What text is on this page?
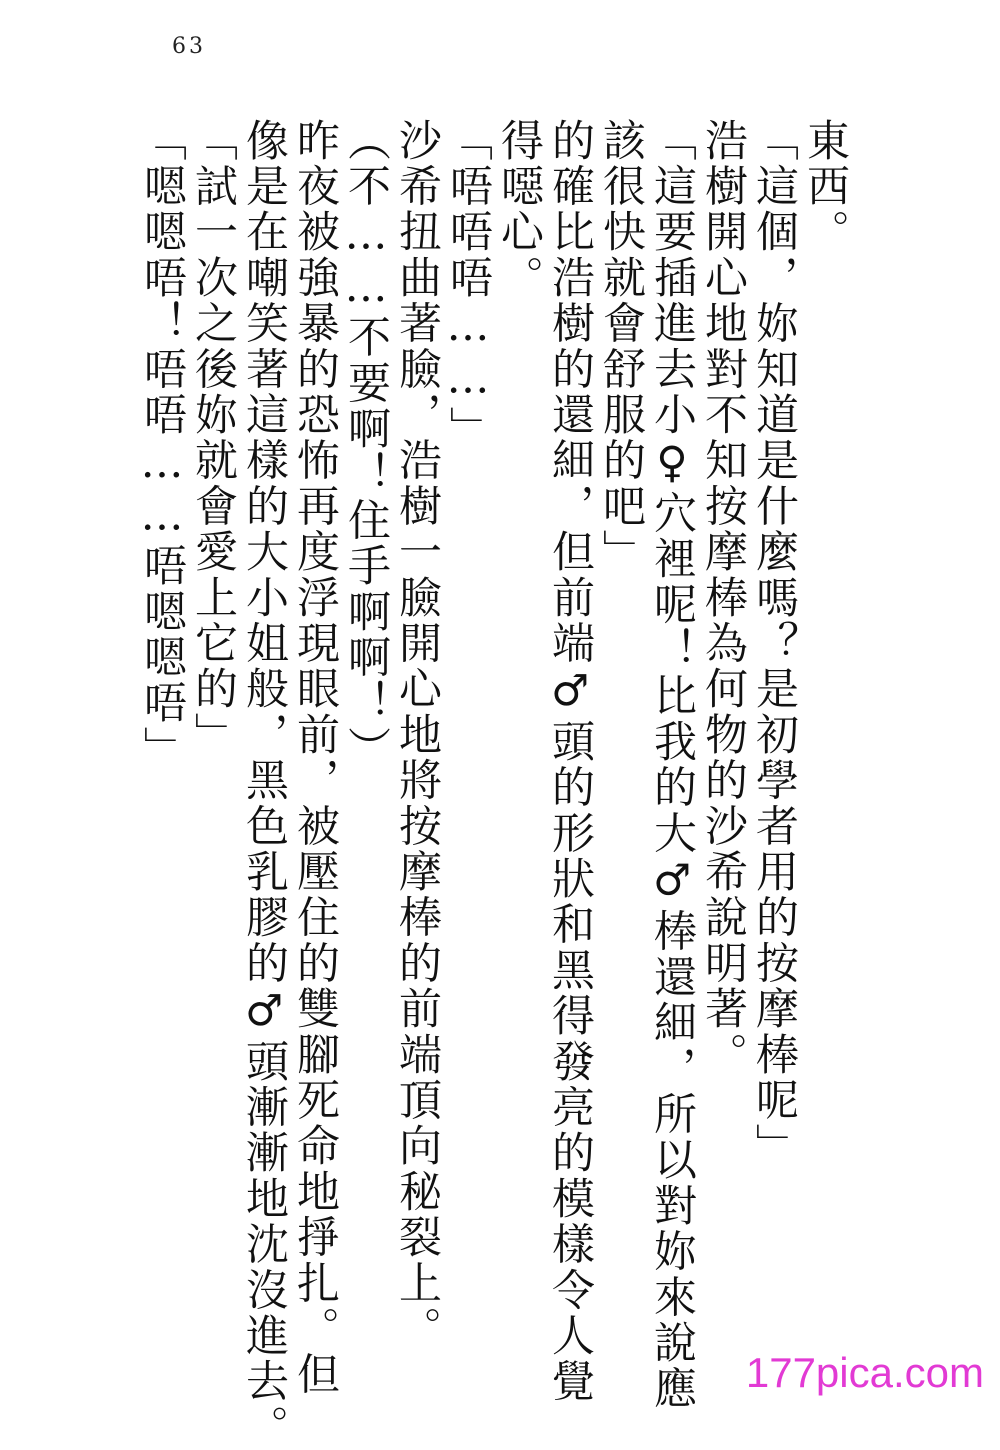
63
東西。
「這個，妳知道是什麼嗎？是初學者用的按摩棒呢」
浩樹開心地對不知按摩棒為何物的沙希說明著。
「這要插進去小♀穴裡呢！比我的大♂棒還細，所以對妳來說應
該很快就會舒服的吧」
的確比浩樹的還細，但前端♂頭的形狀和黑得發亮的模樣令人覺
得噁心。
「唔唔唔……」
沙希扭曲著臉，浩樹一臉開心地將按摩棒的前端頂向秘裂上。
（不……不要啊！住手啊啊！）
昨夜被強暴的恐怖再度浮現眼前，被壓住的雙腳死命地掙扎。但
像是在嘲笑著這樣的大小姐般，黑色乳膠的♂頭漸漸地沈沒進去。
「試一次之後妳就會愛上它的」
「嗯嗯唔！唔唔……唔嗯嗯唔」
177pica.com
